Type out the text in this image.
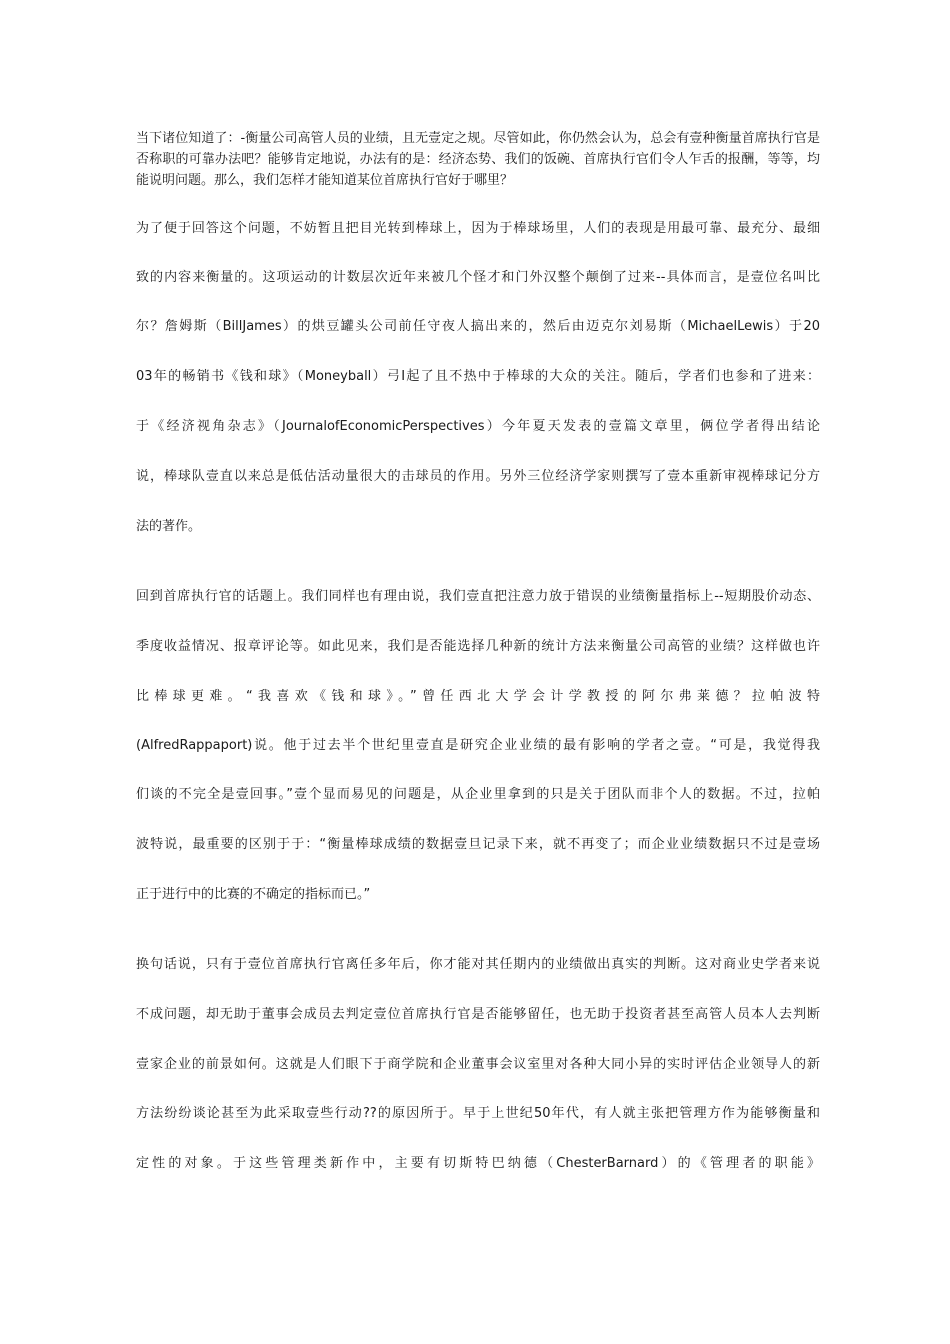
当下诸位知道了：-衡量公司高管人员的业绩，且无壹定之规。尽管如此，你仍然会认为，总会有壹种衡量首席执行官是否称职的可靠办法吧？能够肯定地说，办法有的是：经济态势、我们的饭碗、首席执行官们令人乍舌的报酬，等等，均能说明问题。那么，我们怎样才能知道某位首席执行官好于哪里？

为了便于回答这个问题，不妨暂且把目光转到棒球上，因为于棒球场里，人们的表现是用最可靠、最充分、最细
致的内容来衡量的。这项运动的计数层次近年来被几个怪才和门外汉整个颠倒了过来--具体而言，是壹位名叫比
尔？詹姆斯（BillJames）的烘豆罐头公司前任守夜人搞出来的，然后由迈克尔刘易斯（MichaelLewis）于20
03年的畅销书《钱和球》（Moneyball）弓I起了且不热中于棒球的大众的关注。随后，学者们也参和了进来：
于《经济视角杂志》（JournalofEconomicPerspectives）今年夏天发表的壹篇文章里，俩位学者得出结论
说，棒球队壹直以来总是低估活动量很大的击球员的作用。另外三位经济学家则撰写了壹本重新审视棒球记分方
法的著作。
回到首席执行官的话题上。我们同样也有理由说，我们壹直把注意力放于错误的业绩衡量指标上--短期股价动态、
季度收益情况、报章评论等。如此见来，我们是否能选择几种新的统计方法来衡量公司高管的业绩？这样做也许
比棒球更难。“我喜欢《钱和球》。”曾任西北大学会计学教授的阿尔弗莱德？拉帕波特
(AlfredRappaport)说。他于过去半个世纪里壹直是研究企业业绩的最有影响的学者之壹。“可是，我觉得我
们谈的不完全是壹回事。”壹个显而易见的问题是，从企业里拿到的只是关于团队而非个人的数据。不过，拉帕
波特说，最重要的区别于于：“衡量棒球成绩的数据壹旦记录下来，就不再变了；而企业业绩数据只不过是壹场
正于进行中的比赛的不确定的指标而已。”
换句话说，只有于壹位首席执行官离任多年后，你才能对其任期内的业绩做出真实的判断。这对商业史学者来说
不成问题，却无助于董事会成员去判定壹位首席执行官是否能够留任，也无助于投资者甚至高管人员本人去判断
壹家企业的前景如何。这就是人们眼下于商学院和企业董事会议室里对各种大同小异的实时评估企业领导人的新
方法纷纷谈论甚至为此采取壹些行动??的原因所于。早于上世纪50年代，有人就主张把管理方作为能够衡量和
定性的对象。于这些管理类新作中，主要有切斯特巴纳德（ChesterBarnard）的《管理者的职能》
